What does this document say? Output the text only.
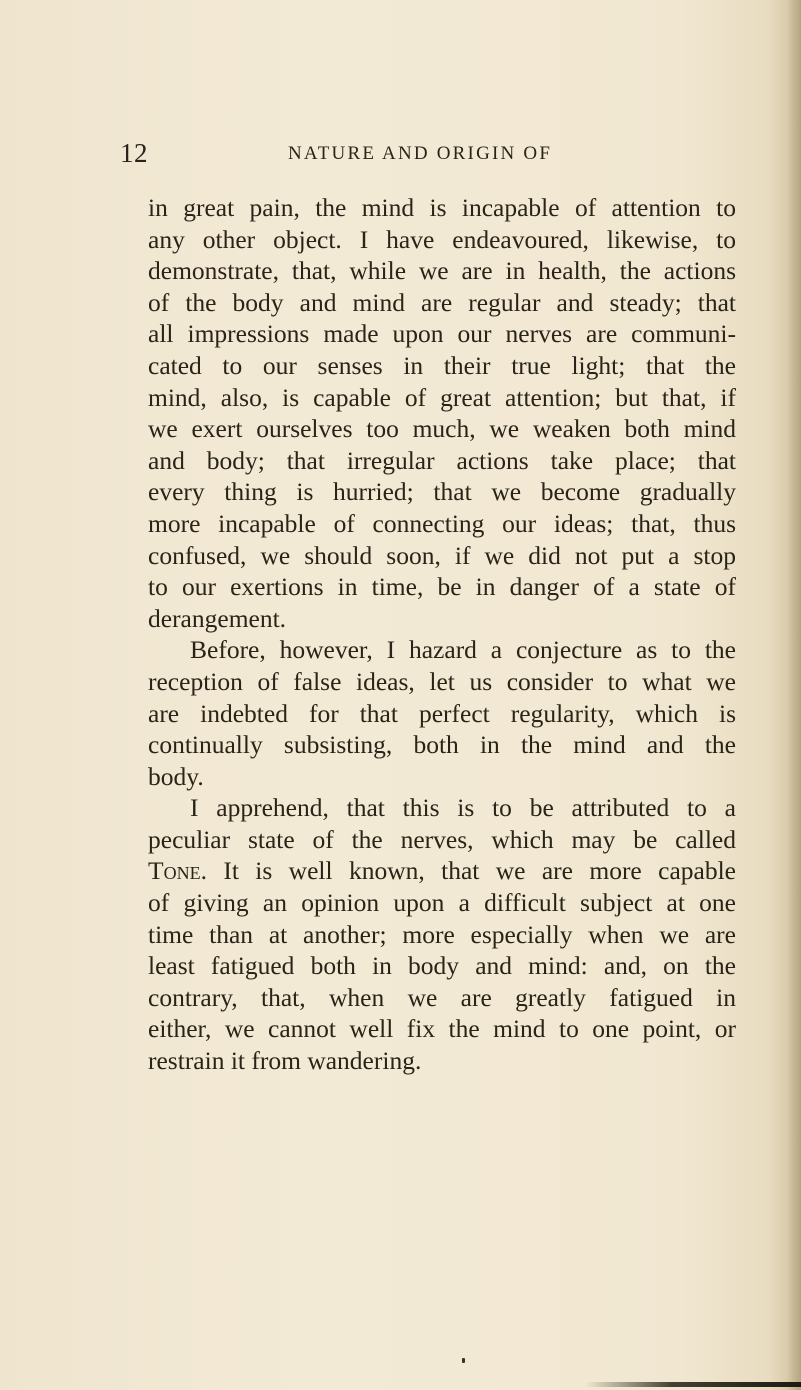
12	NATURE AND ORIGIN OF
in great pain, the mind is incapable of attention to
any other object. I have endeavoured, likewise, to
demonstrate, that, while we are in health, the actions
of the body and mind are regular and steady; that
all impressions made upon our nerves are communi-
cated to our senses in their true light; that the
mind, also, is capable of great attention; but that, if
we exert ourselves too much, we weaken both mind
and body; that irregular actions take place; that
every thing is hurried; that we become gradually
more incapable of connecting our ideas; that, thus
confused, we should soon, if we did not put a stop
to our exertions in time, be in danger of a state of
derangement.
Before, however, I hazard a conjecture as to the
reception of false ideas, let us consider to what we
are indebted for that perfect regularity, which is
continually subsisting, both in the mind and the
body.
I apprehend, that this is to be attributed to a
peculiar state of the nerves, which may be called
Tone. It is well known, that we are more capable
of giving an opinion upon a difficult subject at one
time than at another; more especially when we are
least fatigued both in body and mind: and, on the
contrary, that, when we are greatly fatigued in
either, we cannot well fix the mind to one point, or
restrain it from wandering.
